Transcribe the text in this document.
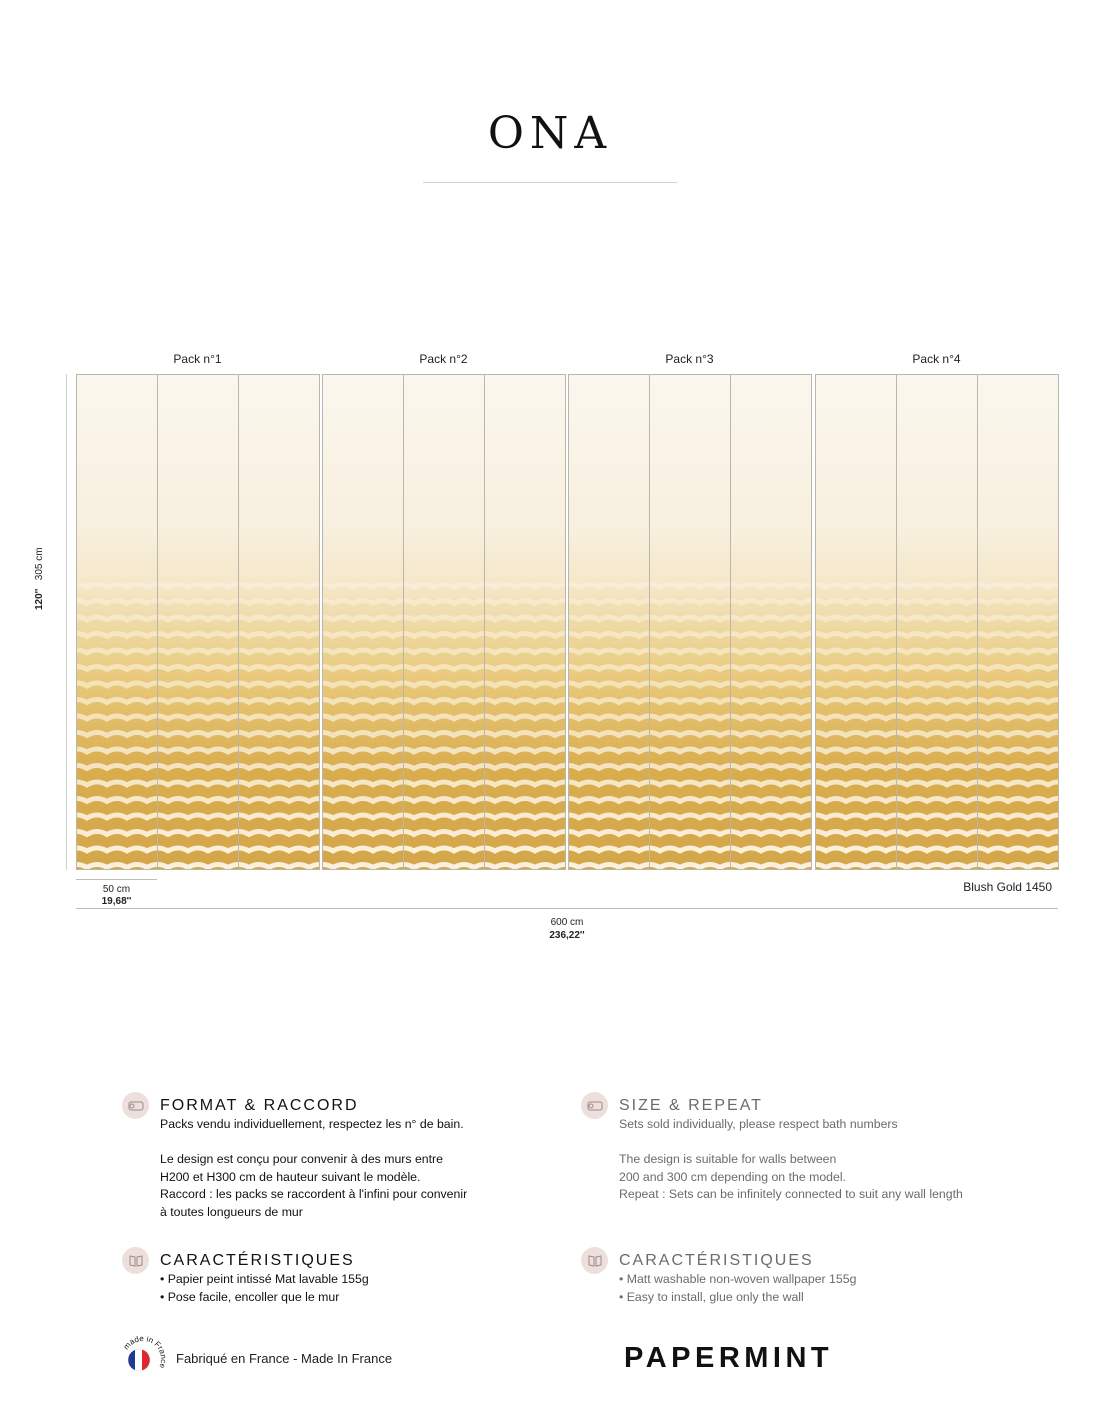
ONA
Pack n°1	Pack n°2	Pack n°3	Pack n°4
120''   305 cm
50 cm
19,68''
Blush Gold 1450
600 cm
236,22''
FORMAT & RACCORD

Packs vendu individuellement, respectez les n° de bain.

Le design est conçu pour convenir à des murs entre

H200 et H300 cm de hauteur suivant le modèle.

Raccord : les packs se raccordent à l'infini pour convenir

à toutes longueurs de mur

SIZE & REPEAT

Sets sold individually, please respect bath numbers

The design is suitable for walls between

200 and 300 cm depending on the model.

Repeat : Sets can be infinitely connected to suit any wall length

CARACTÉRISTIQUES

• Papier peint intissé Mat lavable 155g

• Pose facile, encoller que le mur

CARACTÉRISTIQUES

• Matt washable non-woven wallpaper 155g

• Easy to install, glue only the wall

made in Fr
Fabriqué en France - Made In France	PAPERMINT
